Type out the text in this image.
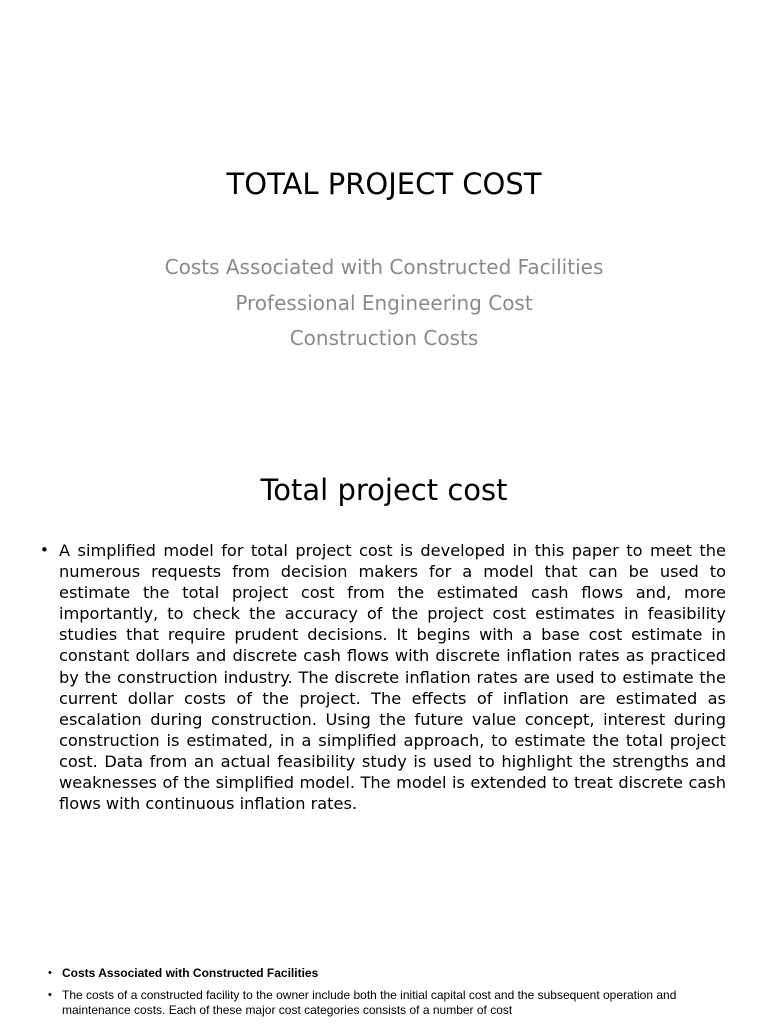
TOTAL PROJECT COST
Costs Associated with Constructed Facilities
Professional Engineering Cost
Construction Costs
Total project cost
• A simplified model for total project cost is developed in this paper to meet the numerous requests from decision makers for a model that can be used to estimate the total project cost from the estimated cash flows and, more importantly, to check the accuracy of the project cost estimates in feasibility studies that require prudent decisions. It begins with a base cost estimate in constant dollars and discrete cash flows with discrete inflation rates as practiced by the construction industry. The discrete inflation rates are used to estimate the current dollar costs of the project. The effects of inflation are estimated as escalation during construction. Using the future value concept, interest during construction is estimated, in a simplified approach, to estimate the total project cost. Data from an actual feasibility study is used to highlight the strengths and weaknesses of the simplified model. The model is extended to treat discrete cash flows with continuous inflation rates.
• Costs Associated with Constructed Facilities
• The costs of a constructed facility to the owner include both the initial capital cost and the subsequent operation and maintenance costs. Each of these major cost categories consists of a number of cost
